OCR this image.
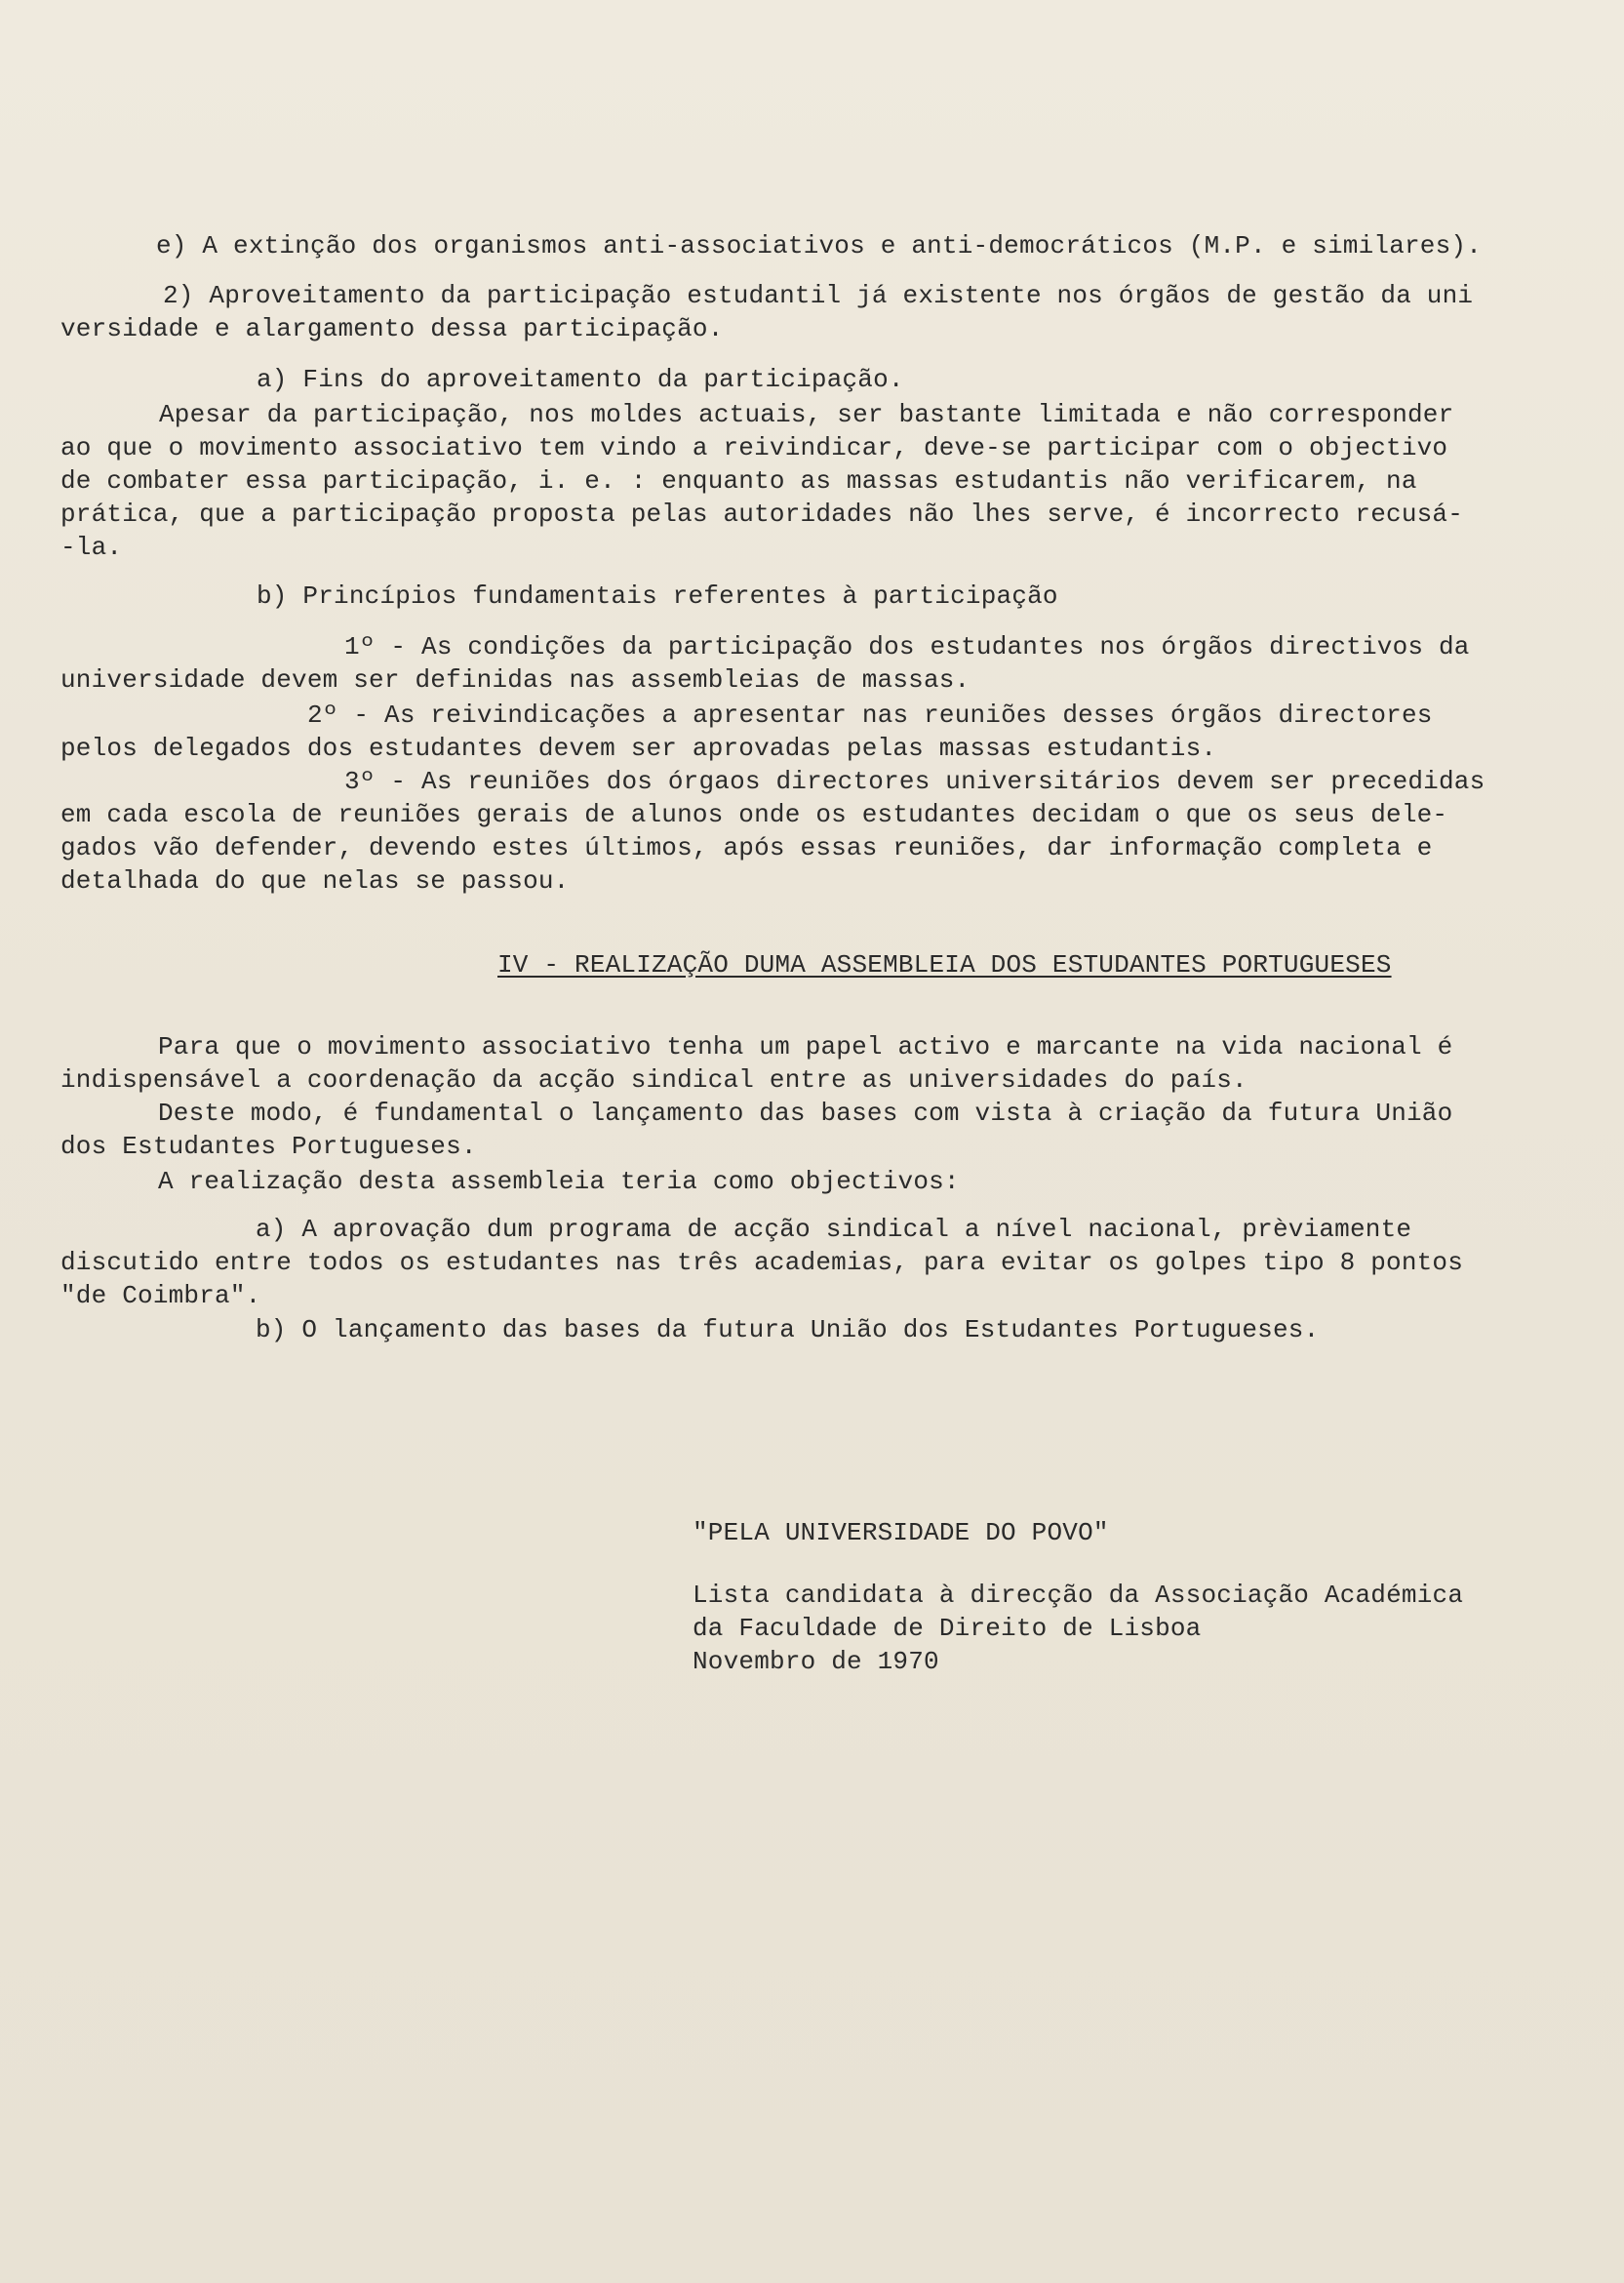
e) A extinção dos organismos anti-associativos e anti-democráticos (M.P. e similares).
2) Aproveitamento da participação estudantil já existente nos órgãos de gestão da uni
versidade e alargamento dessa participação.
a) Fins do aproveitamento da participação.
Apesar da participação, nos moldes actuais, ser bastante limitada e não corresponder
ao que o movimento associativo tem vindo a reivindicar, deve-se participar com o objectivo
de combater essa participação, i. e. : enquanto as massas estudantis não verificarem, na
prática, que a participação proposta pelas autoridades não lhes serve, é incorrecto recusá-
-la.
b) Princípios fundamentais referentes à participação
1º - As condições da participação dos estudantes nos órgãos directivos da
universidade devem ser definidas nas assembleias de massas.
2º - As reivindicações a apresentar nas reuniões desses órgãos directores
pelos delegados dos estudantes devem ser aprovadas pelas massas estudantis.
3º - As reuniões dos órgaos directores universitários devem ser precedidas
em cada escola de reuniões gerais de alunos onde os estudantes decidam o que os seus dele-
gados vão defender, devendo estes últimos, após essas reuniões, dar informação completa e
detalhada do que nelas se passou.
IV - REALIZAÇÃO DUMA ASSEMBLEIA DOS ESTUDANTES PORTUGUESES
Para que o movimento associativo tenha um papel activo e marcante na vida nacional é
indispensável a coordenação da acção sindical entre as universidades do país.
Deste modo, é fundamental o lançamento das bases com vista à criação da futura União
dos Estudantes Portugueses.
A realização desta assembleia teria como objectivos:
a) A aprovação dum programa de acção sindical a nível nacional, prèviamente
discutido entre todos os estudantes nas três academias, para evitar os golpes tipo 8 pontos
"de Coimbra".
b) O lançamento das bases da futura União dos Estudantes Portugueses.
"PELA UNIVERSIDADE DO POVO"
Lista candidata à direcção da Associação Académica
da Faculdade de Direito de Lisboa
Novembro de 1970
